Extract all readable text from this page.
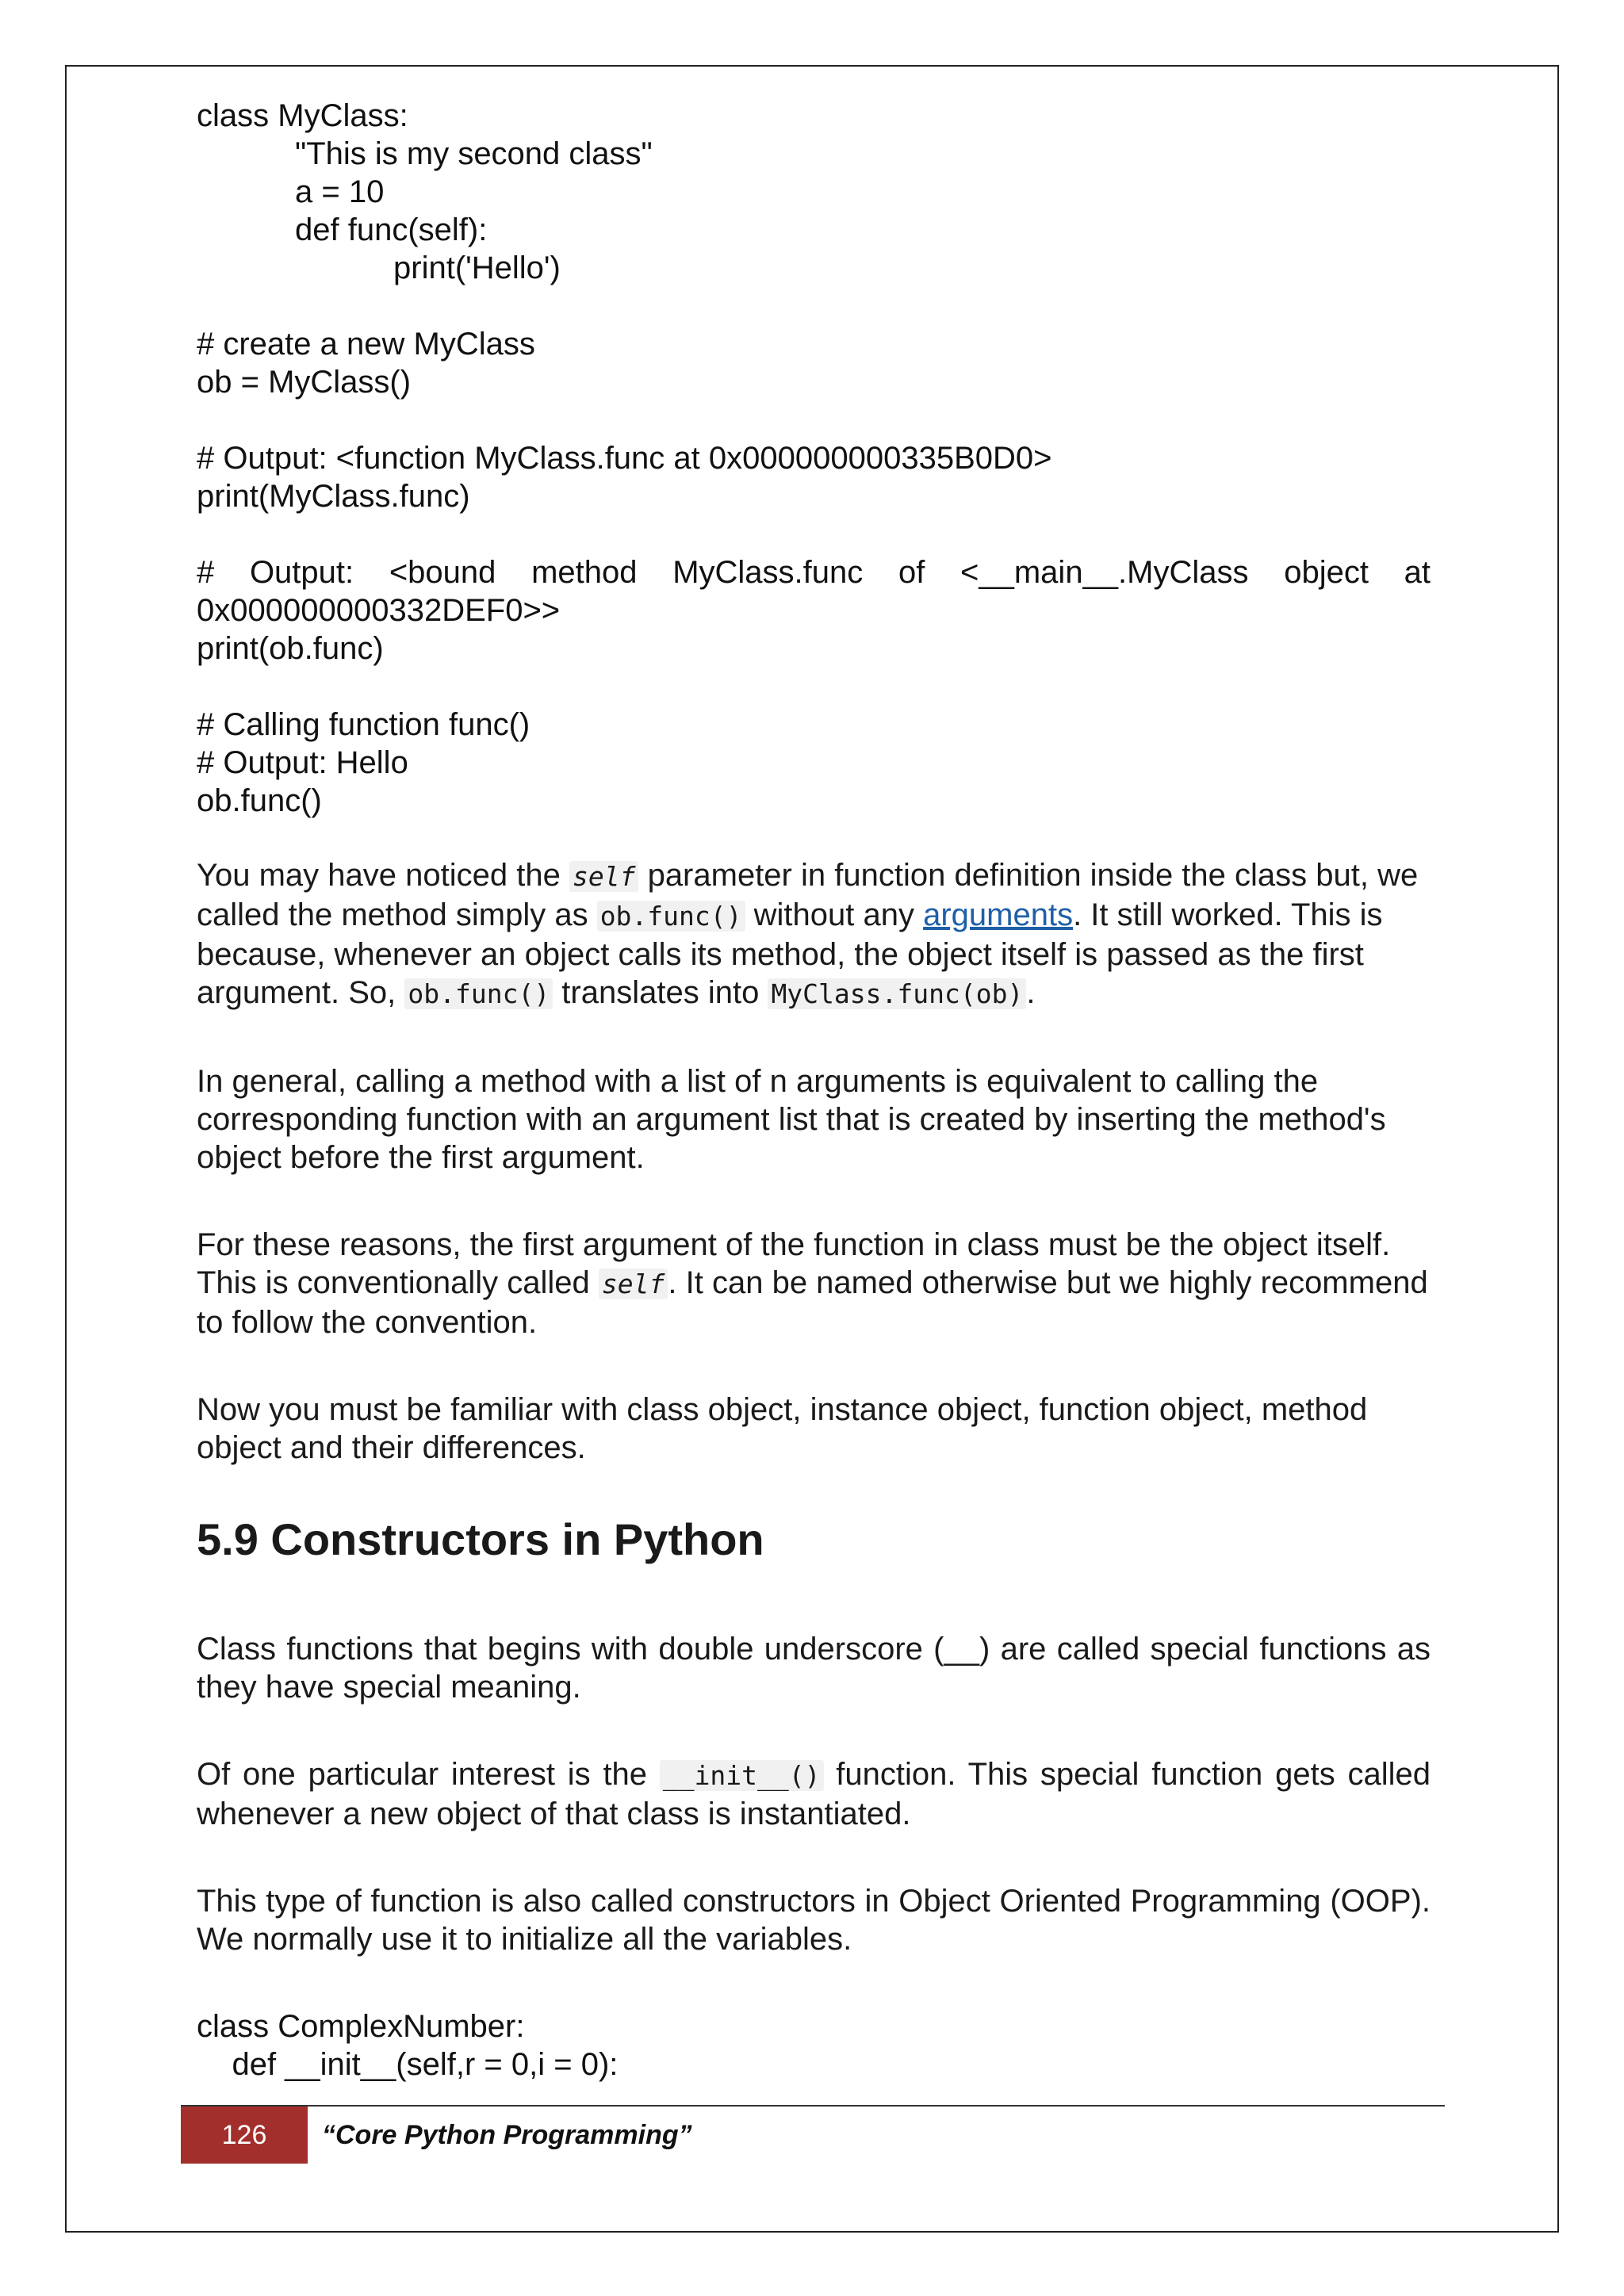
class MyClass:
"This is my second class"
a = 10
def func(self):
print('Hello')
# create a new MyClass
ob = MyClass()
# Output: <function MyClass.func at 0x000000000335B0D0>
print(MyClass.func)
# Output: <bound method MyClass.func of <__main__.MyClass object at
0x000000000332DEF0>>
print(ob.func)
# Calling function func()
# Output: Hello
ob.func()

You may have noticed the self parameter in function definition inside the class but, we called the method simply as ob.func() without any arguments. It still worked. This is because, whenever an object calls its method, the object itself is passed as the first argument. So, ob.func() translates into MyClass.func(ob) .

In general, calling a method with a list of n arguments is equivalent to calling the corresponding function with an argument list that is created by inserting the method's object before the first argument.

For these reasons, the first argument of the function in class must be the object itself. This is conventionally called self . It can be named otherwise but we highly recommend to follow the convention.

Now you must be familiar with class object, instance object, function object, method object and their differences.

5.9 Constructors in Python

Class functions that begins with double underscore (__) are called special functions as they have special meaning.

Of one particular interest is the __init__() function. This special function gets called whenever a new object of that class is instantiated.

This type of function is also called constructors in Object Oriented Programming (OOP). We normally use it to initialize all the variables.

class ComplexNumber:
def __init__(self,r = 0,i = 0):
126	“Core Python Programming”
